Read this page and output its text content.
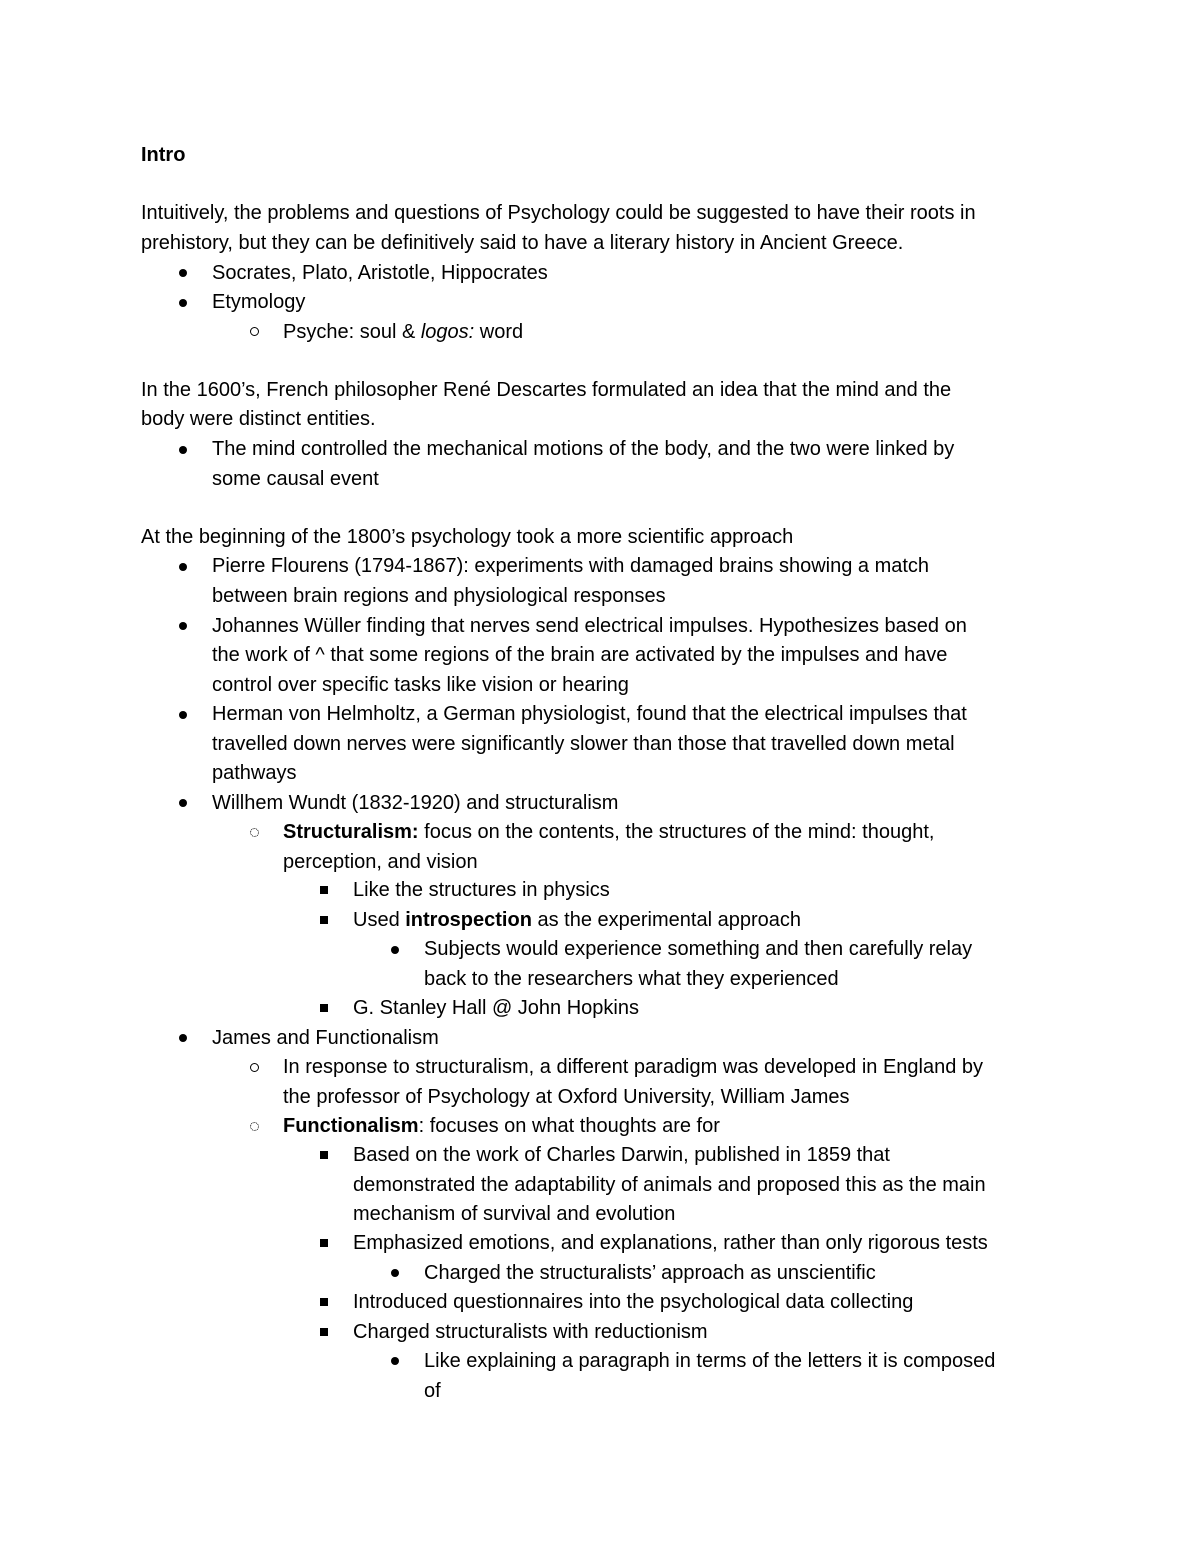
Intro
Intuitively, the problems and questions of Psychology could be suggested to have their roots in
prehistory, but they can be definitively said to have a literary history in Ancient Greece.
Socrates, Plato, Aristotle, Hippocrates
Etymology
Psyche: soul & logos: word
In the 1600’s, French philosopher René Descartes formulated an idea that the mind and the
body were distinct entities.
The mind controlled the mechanical motions of the body, and the two were linked by
some causal event
At the beginning of the 1800’s psychology took a more scientific approach
Pierre Flourens (1794-1867): experiments with damaged brains showing a match
between brain regions and physiological responses
Johannes Wüller finding that nerves send electrical impulses. Hypothesizes based on
the work of ^ that some regions of the brain are activated by the impulses and have
control over specific tasks like vision or hearing
Herman von Helmholtz, a German physiologist, found that the electrical impulses that
travelled down nerves were significantly slower than those that travelled down metal
pathways
Willhem Wundt (1832-1920) and structuralism
Structuralism: focus on the contents, the structures of the mind: thought,
perception, and vision
Like the structures in physics
Used introspection as the experimental approach
Subjects would experience something and then carefully relay
back to the researchers what they experienced
G. Stanley Hall @ John Hopkins
James and Functionalism
In response to structuralism, a different paradigm was developed in England by
the professor of Psychology at Oxford University, William James
Functionalism: focuses on what thoughts are for
Based on the work of Charles Darwin, published in 1859 that
demonstrated the adaptability of animals and proposed this as the main
mechanism of survival and evolution
Emphasized emotions, and explanations, rather than only rigorous tests
Charged the structuralists’ approach as unscientific
Introduced questionnaires into the psychological data collecting
Charged structuralists with reductionism
Like explaining a paragraph in terms of the letters it is composed
of
